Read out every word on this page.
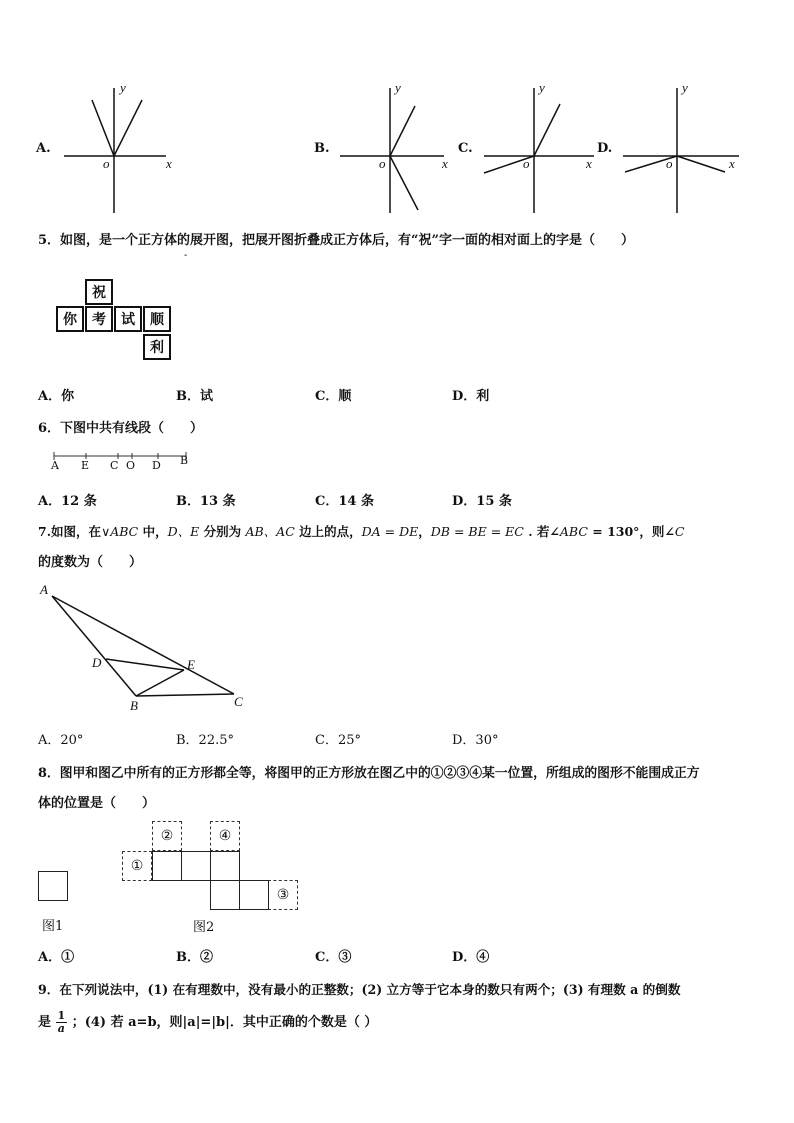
A.
y
x
o
B.
y
x
o
C.
y
x
o
D.
y
x
o
5．如图，是一个正方体的展开图，把展开图折叠成正方体后，有“祝”字一面的相对面上的字是（　　）
-
祝
你	考	试	顺
利
A．你	B．试	C．顺	D．利
6．下图中共有线段（　　）
A E C O D B
A．12 条	B．13 条	C．14 条	D．15 条
7.如图，在∨ABC 中，D、E 分别为 AB、AC 边上的点，DA = DE，DB = BE = EC . 若∠ABC = 130°，则∠C
的度数为（　　）
A
D	E
B	C
A．20°	B．22.5°	C．25°	D．30°
8．图甲和图乙中所有的正方形都全等，将图甲的正方形放在图乙中的①②③④某一位置，所组成的图形不能围成正方
体的位置是（　　）
图1
①
②	④
③
图2
A．①	B．②	C．③	D．④
9．在下列说法中，(1) 在有理数中，没有最小的正整数；(2) 立方等于它本身的数只有两个；(3) 有理数 a 的倒数
是 $\frac{1}{a}$ ；(4) 若 a=b，则|a|=|b|．其中正确的个数是（ ）
